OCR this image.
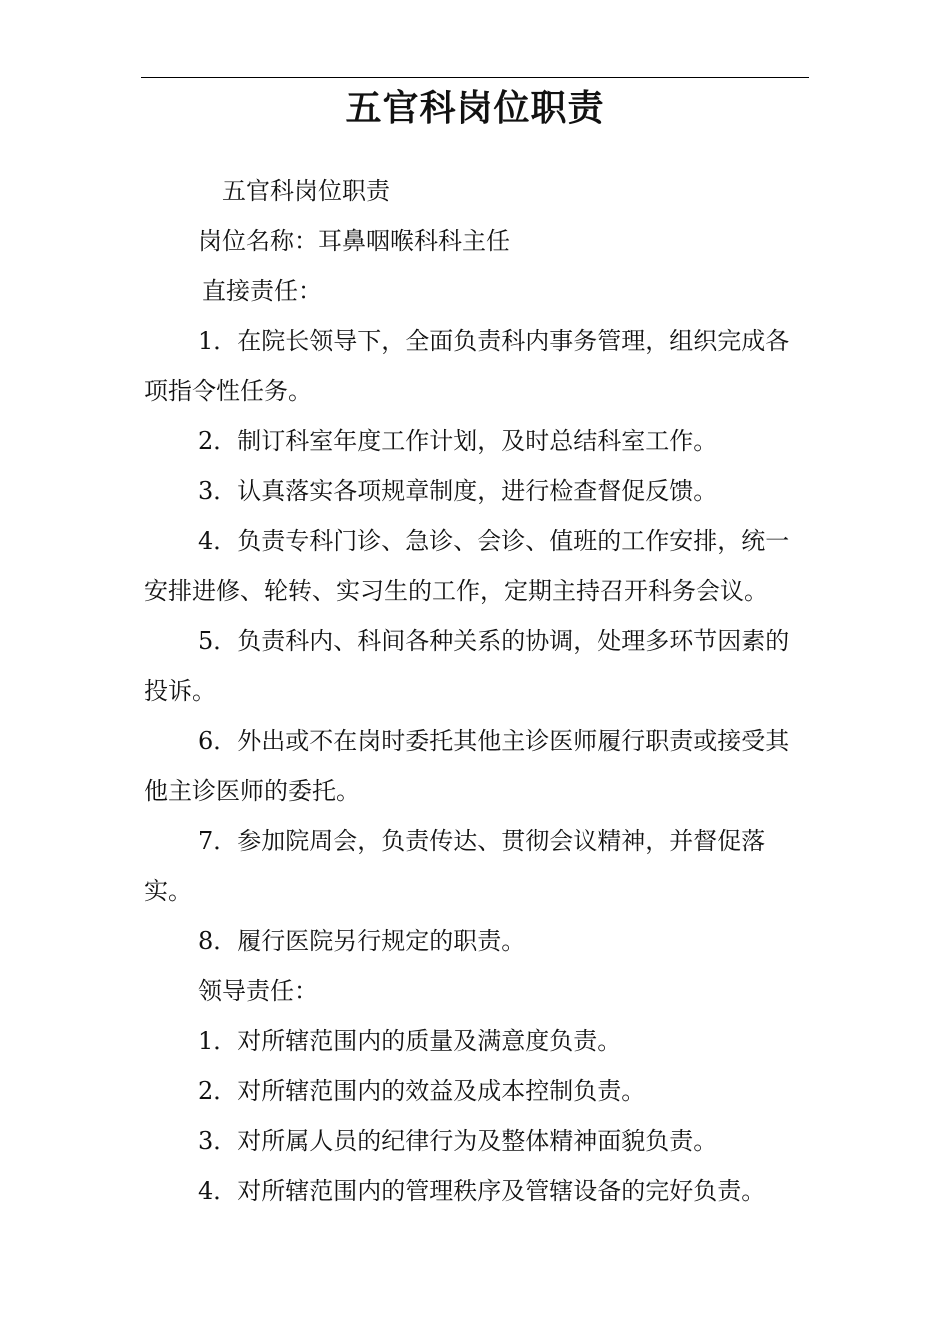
五官科岗位职责

五官科岗位职责

岗位名称：耳鼻咽喉科科主任

直接责任：

1．在院长领导下，全面负责科内事务管理，组织完成各项指令性任务。

2．制订科室年度工作计划，及时总结科室工作。

3．认真落实各项规章制度，进行检查督促反馈。

4．负责专科门诊、急诊、会诊、值班的工作安排，统一安排进修、轮转、实习生的工作，定期主持召开科务会议。

5．负责科内、科间各种关系的协调，处理多环节因素的投诉。

6．外出或不在岗时委托其他主诊医师履行职责或接受其他主诊医师的委托。

7．参加院周会，负责传达、贯彻会议精神，并督促落实。

8．履行医院另行规定的职责。

领导责任：

1．对所辖范围内的质量及满意度负责。

2．对所辖范围内的效益及成本控制负责。

3．对所属人员的纪律行为及整体精神面貌负责。

4．对所辖范围内的管理秩序及管辖设备的完好负责。
